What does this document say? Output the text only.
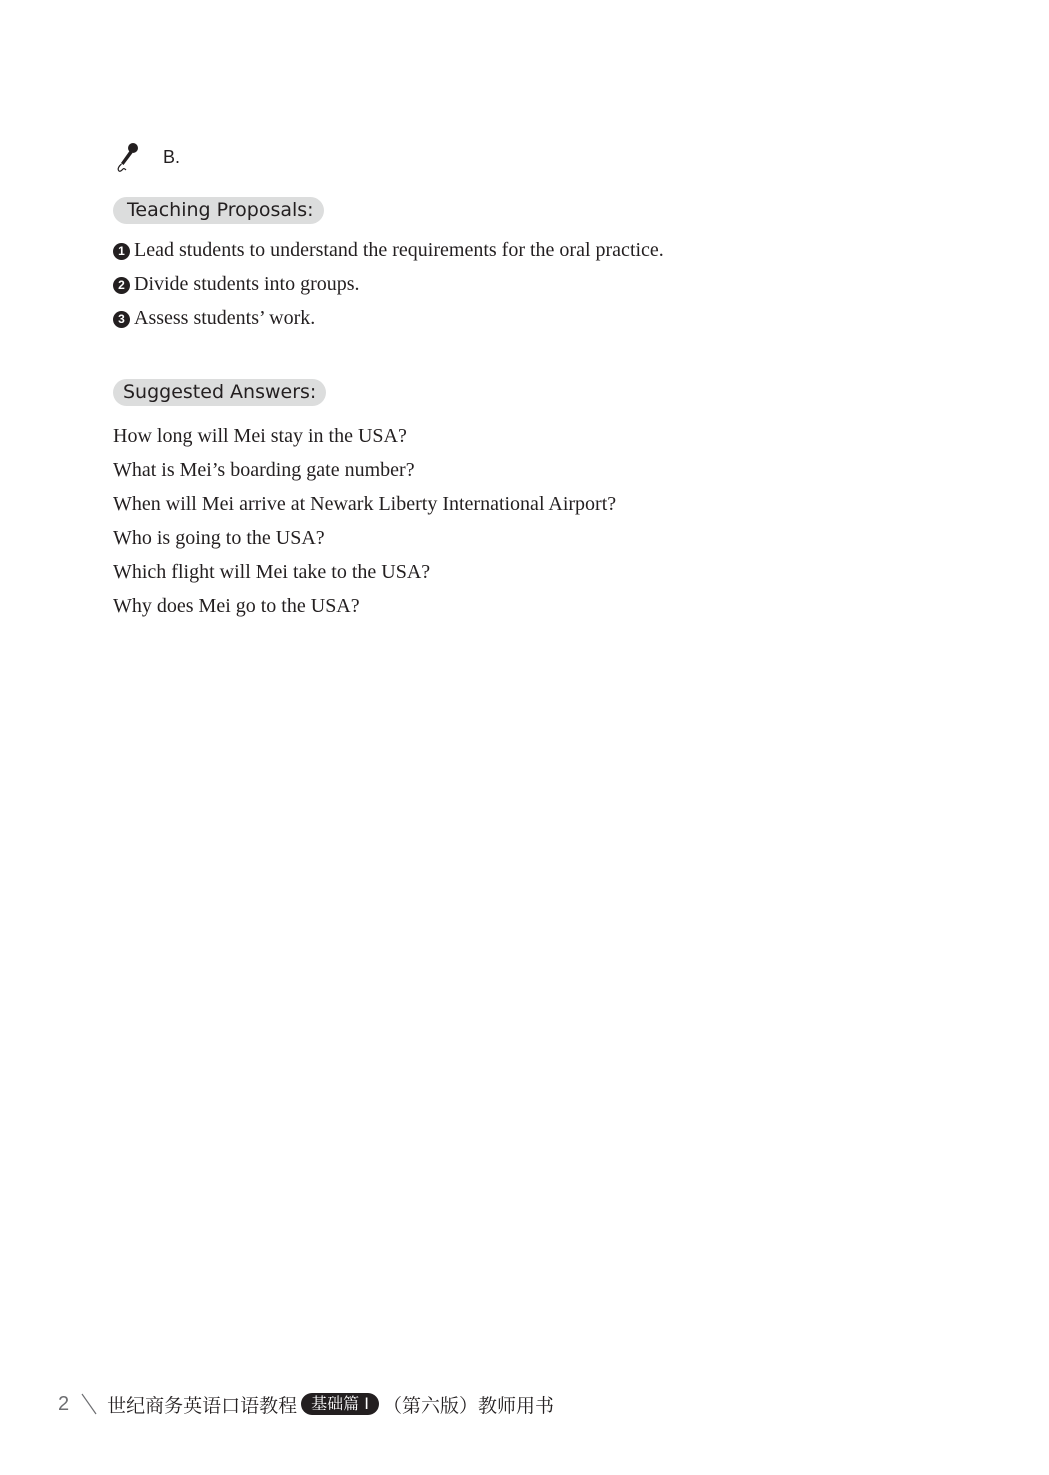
B.
Teaching Proposals:
1 Lead students to understand the requirements for the oral practice.
2 Divide students into groups.
3 Assess students’ work.
Suggested Answers:
How long will Mei stay in the USA?
What is Mei’s boarding gate number?
When will Mei arrive at Newark Liberty International Airport?
Who is going to the USA?
Which flight will Mei take to the USA?
Why does Mei go to the USA?
2 世纪商务英语口语教程 基础篇 I （第六版）教师用书
